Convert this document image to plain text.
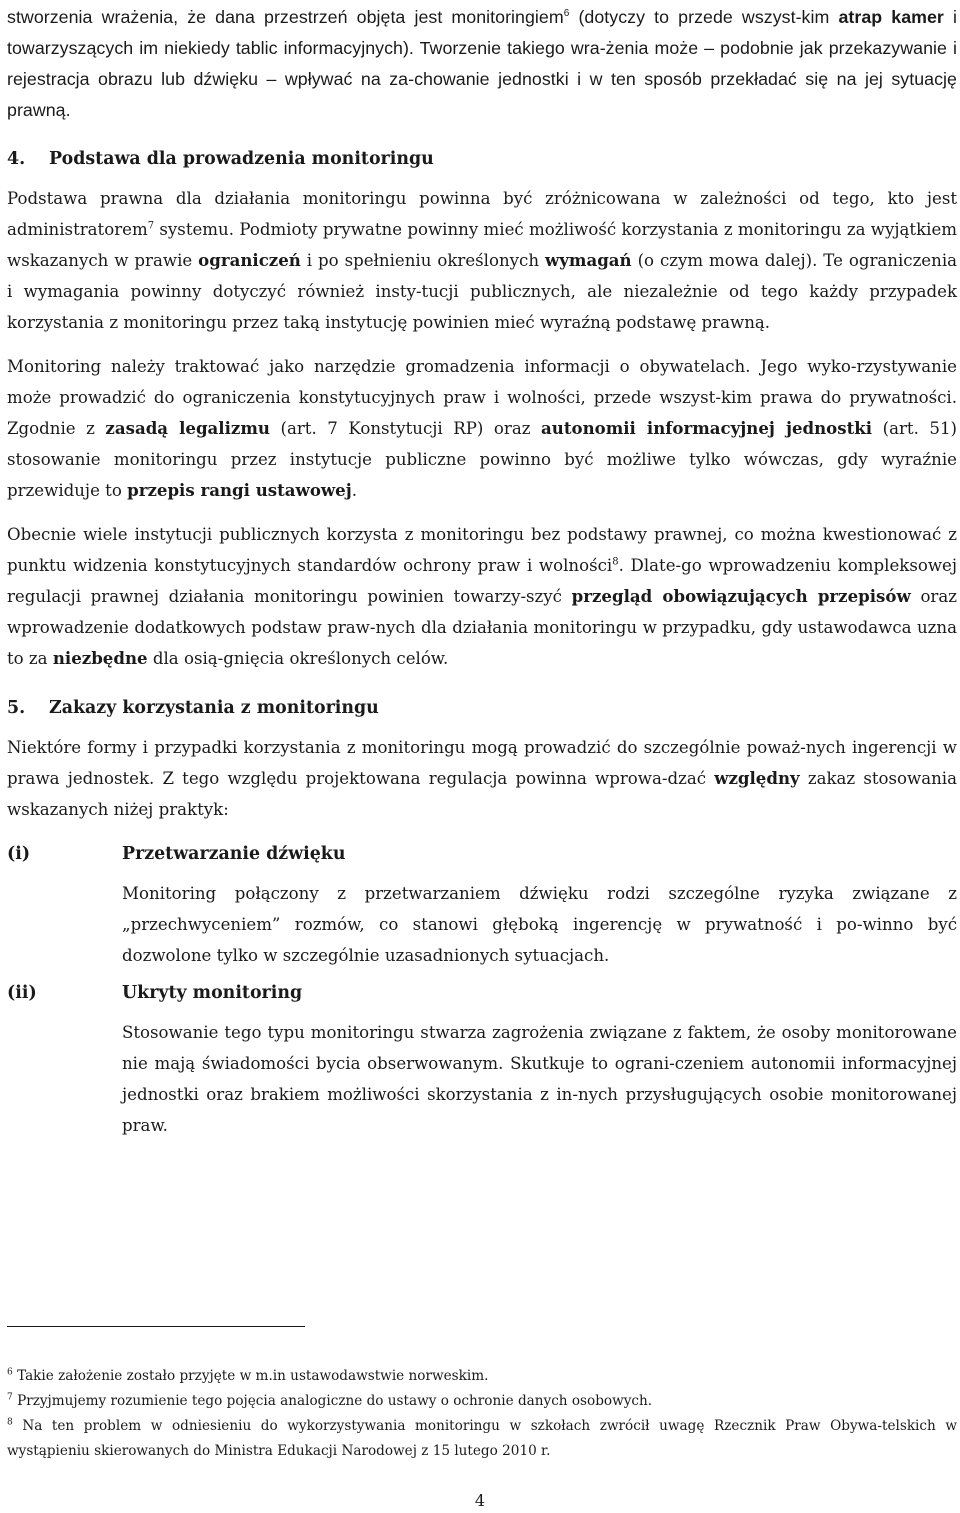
stworzenia wrażenia, że dana przestrzeń objęta jest monitoringiem$^6$ (dotyczy to przede wszyst-kim atrap kamer i towarzyszących im niekiedy tablic informacyjnych). Tworzenie takiego wra-żenia może – podobnie jak przekazywanie i rejestracja obrazu lub dźwięku – wpływać na za-chowanie jednostki i w ten sposób przekładać się na jej sytuację prawną.

4.	Podstawa dla prowadzenia monitoringu

Podstawa prawna dla działania monitoringu powinna być zróżnicowana w zależności od tego, kto jest administratorem$^7$ systemu. Podmioty prywatne powinny mieć możliwość korzystania z monitoringu za wyjątkiem wskazanych w prawie ograniczeń i po spełnieniu określonych wymagań (o czym mowa dalej). Te ograniczenia i wymagania powinny dotyczyć również insty-tucji publicznych, ale niezależnie od tego każdy przypadek korzystania z monitoringu przez taką instytucję powinien mieć wyraźną podstawę prawną.

Monitoring należy traktować jako narzędzie gromadzenia informacji o obywatelach. Jego wyko-rzystywanie może prowadzić do ograniczenia konstytucyjnych praw i wolności, przede wszyst-kim prawa do prywatności. Zgodnie z zasadą legalizmu (art. 7 Konstytucji RP) oraz autonomii informacyjnej jednostki (art. 51) stosowanie monitoringu przez instytucje publiczne powinno być możliwe tylko wówczas, gdy wyraźnie przewiduje to przepis rangi ustawowej.

Obecnie wiele instytucji publicznych korzysta z monitoringu bez podstawy prawnej, co można kwestionować z punktu widzenia konstytucyjnych standardów ochrony praw i wolności$^8$. Dlate-go wprowadzeniu kompleksowej regulacji prawnej działania monitoringu powinien towarzy-szyć przegląd obowiązujących przepisów oraz wprowadzenie dodatkowych podstaw praw-nych dla działania monitoringu w przypadku, gdy ustawodawca uzna to za niezbędne dla osią-gnięcia określonych celów.

5.	Zakazy korzystania z monitoringu

Niektóre formy i przypadki korzystania z monitoringu mogą prowadzić do szczególnie poważ-nych ingerencji w prawa jednostek. Z tego względu projektowana regulacja powinna wprowa-dzać względny zakaz stosowania wskazanych niżej praktyk:

(i)	Przetwarzanie dźwięku

Monitoring połączony z przetwarzaniem dźwięku rodzi szczególne ryzyka związane z „przechwyceniem” rozmów, co stanowi głęboką ingerencję w prywatność i po-winno być dozwolone tylko w szczególnie uzasadnionych sytuacjach.

(ii)	Ukryty monitoring

Stosowanie tego typu monitoringu stwarza zagrożenia związane z faktem, że osoby monitorowane nie mają świadomości bycia obserwowanym. Skutkuje to ograni-czeniem autonomii informacyjnej jednostki oraz brakiem możliwości skorzystania z in-nych przysługujących osobie monitorowanej praw.

$^6$ Takie założenie zostało przyjęte w m.in ustawodawstwie norweskim.

$^7$ Przyjmujemy rozumienie tego pojęcia analogiczne do ustawy o ochronie danych osobowych.

$^8$ Na ten problem w odniesieniu do wykorzystywania monitoringu w szkołach zwrócił uwagę Rzecznik Praw Obywa-telskich w wystąpieniu skierowanych do Ministra Edukacji Narodowej z 15 lutego 2010 r.

4
